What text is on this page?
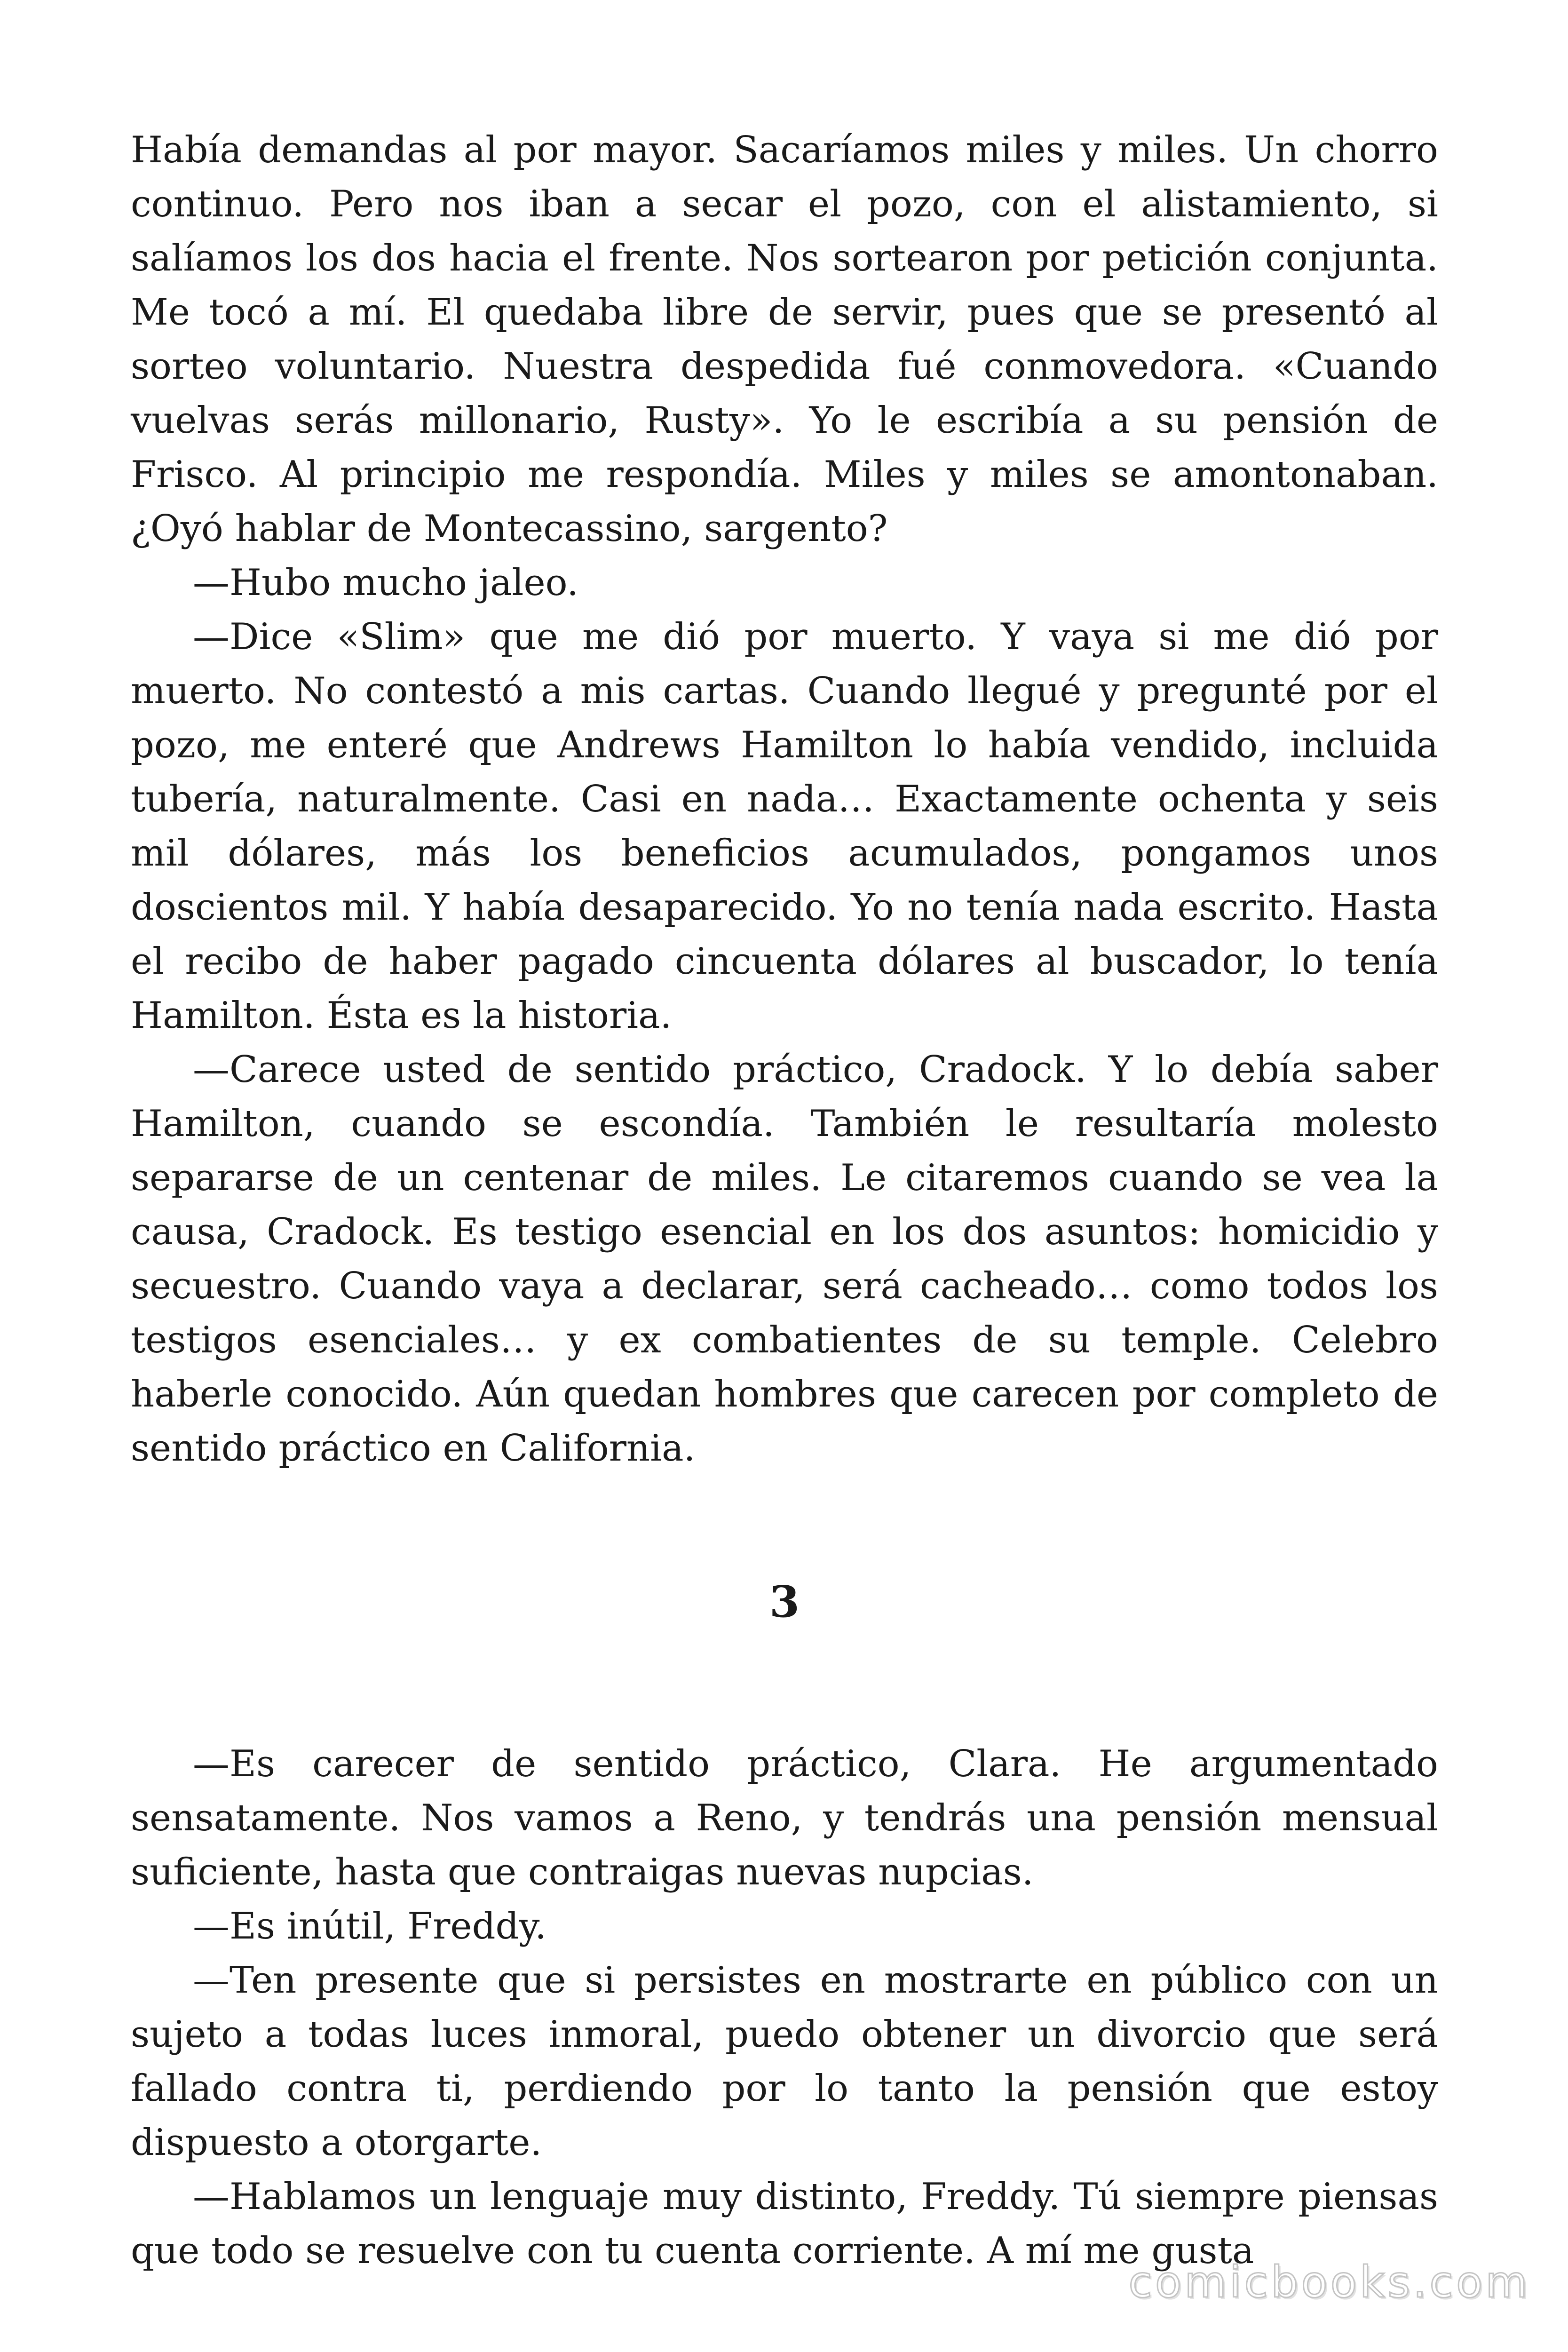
Había demandas al por mayor. Sacaríamos miles y miles. Un chorro continuo. Pero nos iban a secar el pozo, con el alistamiento, si salíamos los dos hacia el frente. Nos sortearon por petición conjunta. Me tocó a mí. El quedaba libre de servir, pues que se presentó al sorteo voluntario. Nuestra despedida fué conmovedora. «Cuando vuelvas serás millonario, Rusty». Yo le escribía a su pensión de Frisco. Al principio me respondía. Miles y miles se amontonaban. ¿Oyó hablar de Montecassino, sargento?

—Hubo mucho jaleo.

—Dice «Slim» que me dió por muerto. Y vaya si me dió por muerto. No contestó a mis cartas. Cuando llegué y pregunté por el pozo, me enteré que Andrews Hamilton lo había vendido, incluida tubería, naturalmente. Casi en nada… Exactamente ochenta y seis mil dólares, más los beneficios acumulados, pongamos unos doscientos mil. Y había desaparecido. Yo no tenía nada escrito. Hasta el recibo de haber pagado cincuenta dólares al buscador, lo tenía Hamilton. Ésta es la historia.

—Carece usted de sentido práctico, Cradock. Y lo debía saber Hamilton, cuando se escondía. También le resultaría molesto separarse de un centenar de miles. Le citaremos cuando se vea la causa, Cradock. Es testigo esencial en los dos asuntos: homicidio y secuestro. Cuando vaya a declarar, será cacheado… como todos los testigos esenciales… y ex combatientes de su temple. Celebro haberle conocido. Aún quedan hombres que carecen por completo de sentido práctico en California.

3

—Es carecer de sentido práctico, Clara. He argumentado sensatamente. Nos vamos a Reno, y tendrás una pensión mensual suficiente, hasta que contraigas nuevas nupcias.

—Es inútil, Freddy.

—Ten presente que si persistes en mostrarte en público con un sujeto a todas luces inmoral, puedo obtener un divorcio que será fallado contra ti, perdiendo por lo tanto la pensión que estoy dispuesto a otorgarte.

—Hablamos un lenguaje muy distinto, Freddy. Tú siempre piensas que todo se resuelve con tu cuenta corriente. A mí me gusta

comicbooks.com
